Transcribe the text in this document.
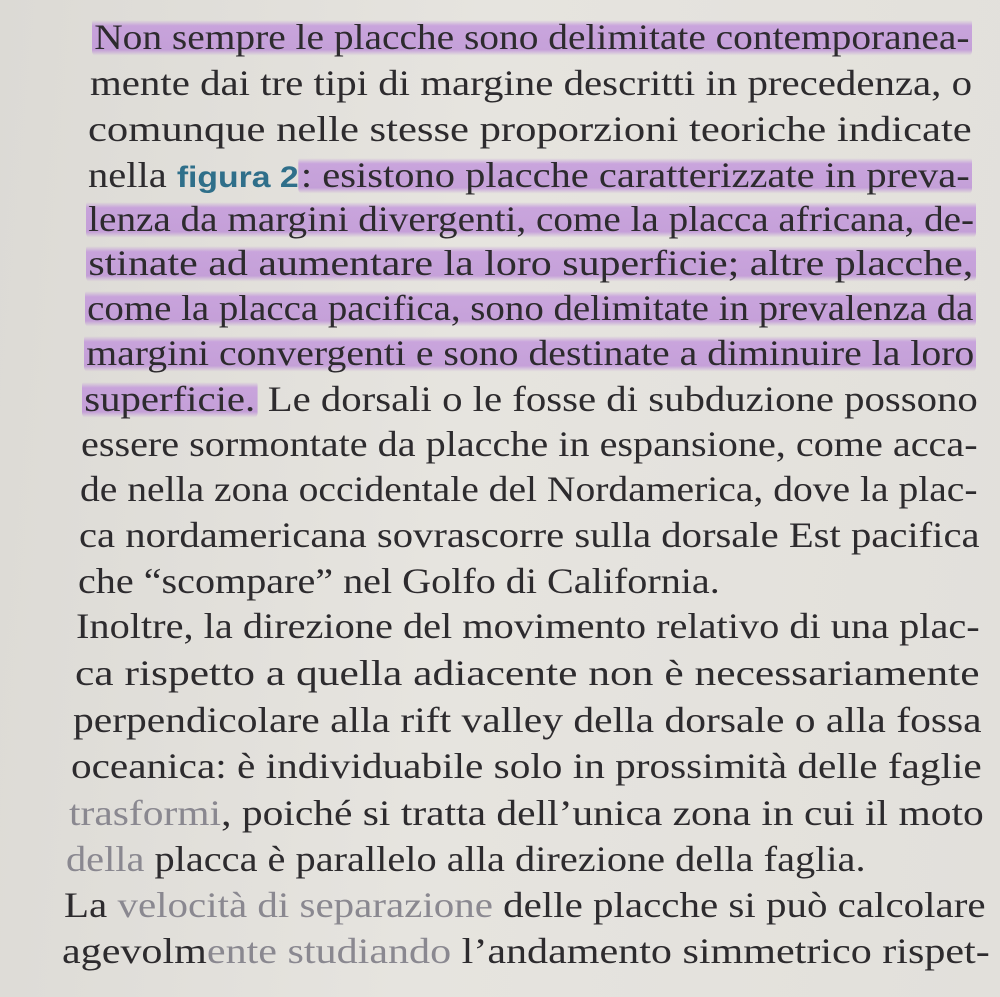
Non sempre le placche sono delimitate contemporanea-
mente dai tre tipi di margine descritti in precedenza, o
comunque nelle stesse proporzioni teoriche indicate
nella figura 2: esistono placche caratterizzate in preva-
lenza da margini divergenti, come la placca africana, de-
stinate ad aumentare la loro superficie; altre placche,
come la placca pacifica, sono delimitate in prevalenza da
margini convergenti e sono destinate a diminuire la loro
superficie. Le dorsali o le fosse di subduzione possono
essere sormontate da placche in espansione, come acca-
de nella zona occidentale del Nordamerica, dove la plac-
ca nordamericana sovrascorre sulla dorsale Est pacifica
che “scompare” nel Golfo di California.
Inoltre, la direzione del movimento relativo di una plac-
ca rispetto a quella adiacente non è necessariamente
perpendicolare alla rift valley della dorsale o alla fossa
oceanica: è individuabile solo in prossimità delle faglie
trasformi, poiché si tratta dell’unica zona in cui il moto
della placca è parallelo alla direzione della faglia.
La velocità di separazione delle placche si può calcolare
agevolmente studiando l’andamento simmetrico rispet-
